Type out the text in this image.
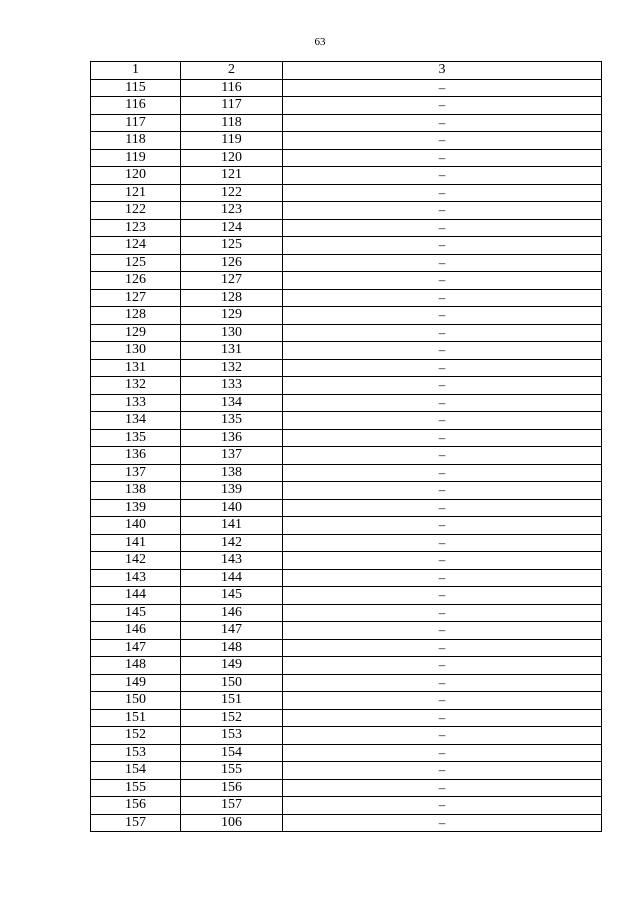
63
1	2	3
115	116	–
116	117	–
117	118	–
118	119	–
119	120	–
120	121	–
121	122	–
122	123	–
123	124	–
124	125	–
125	126	–
126	127	–
127	128	–
128	129	–
129	130	–
130	131	–
131	132	–
132	133	–
133	134	–
134	135	–
135	136	–
136	137	–
137	138	–
138	139	–
139	140	–
140	141	–
141	142	–
142	143	–
143	144	–
144	145	–
145	146	–
146	147	–
147	148	–
148	149	–
149	150	–
150	151	–
151	152	–
152	153	–
153	154	–
154	155	–
155	156	–
156	157	–
157	106	–
